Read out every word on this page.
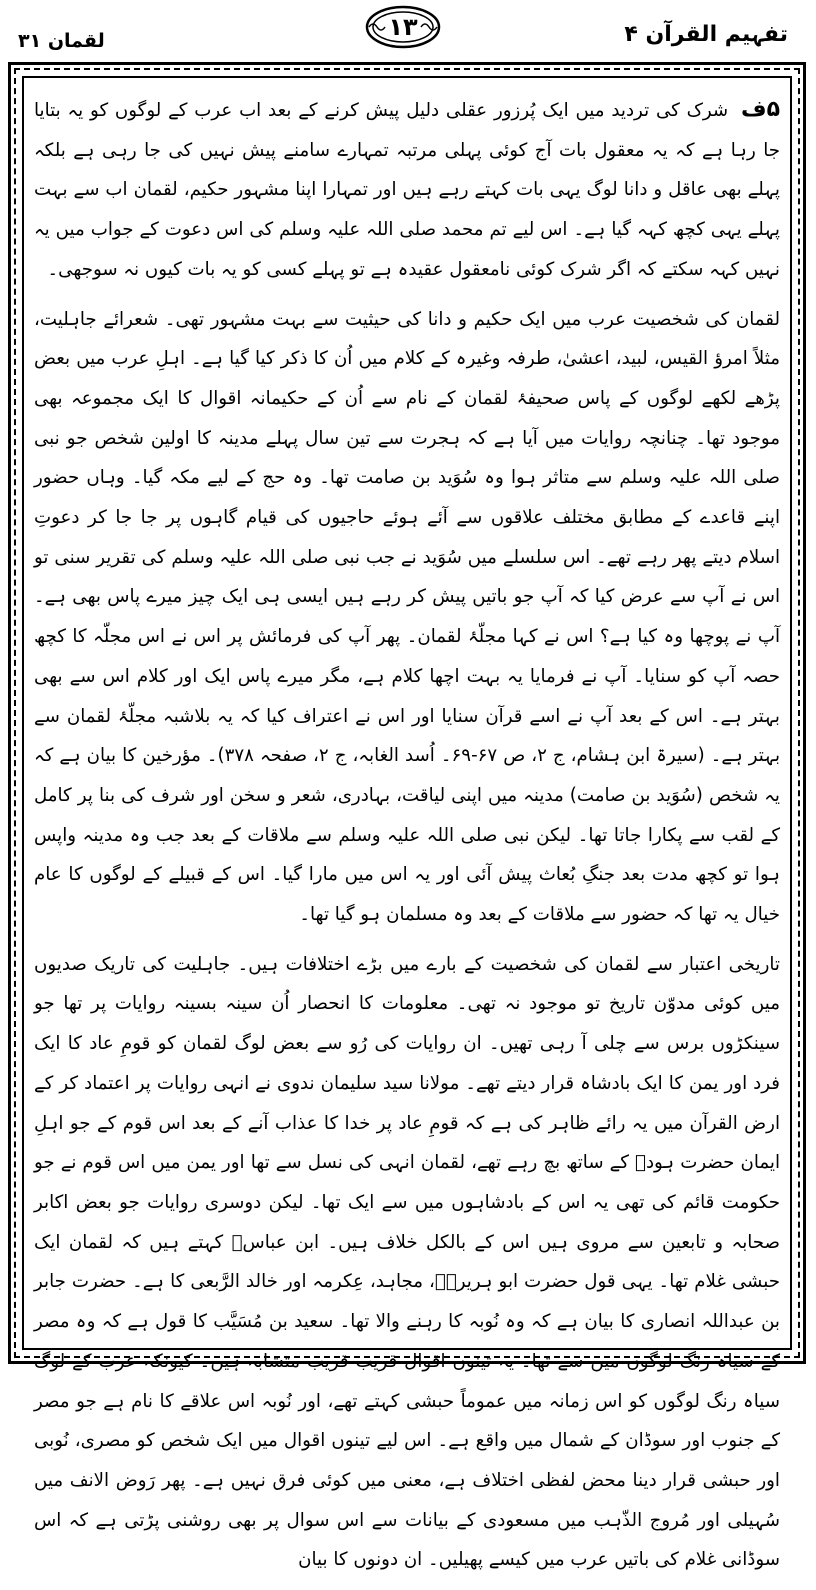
لقمان ۳۱	۱۳	تفہیم القرآن ۴

۵ف شرک کی تردید میں ایک پُرزور عقلی دلیل پیش کرنے کے بعد اب عرب کے لوگوں کو یہ بتایا جا رہا ہے کہ یہ معقول بات آج کوئی پہلی مرتبہ تمہارے سامنے پیش نہیں کی جا رہی ہے بلکہ پہلے بھی عاقل و دانا لوگ یہی بات کہتے رہے ہیں اور تمہارا اپنا مشہور حکیم، لقمان اب سے بہت پہلے یہی کچھ کہہ گیا ہے۔ اس لیے تم محمد صلی اللہ علیہ وسلم کی اس دعوت کے جواب میں یہ نہیں کہہ سکتے کہ اگر شرک کوئی نامعقول عقیدہ ہے تو پہلے کسی کو یہ بات کیوں نہ سوجھی۔

لقمان کی شخصیت عرب میں ایک حکیم و دانا کی حیثیت سے بہت مشہور تھی۔ شعرائے جاہلیت، مثلاً امرؤ القیس، لبید، اعشیٰ، طرفہ وغیرہ کے کلام میں اُن کا ذکر کیا گیا ہے۔ اہلِ عرب میں بعض پڑھے لکھے لوگوں کے پاس صحیفۂ لقمان کے نام سے اُن کے حکیمانہ اقوال کا ایک مجموعہ بھی موجود تھا۔ چنانچہ روایات میں آیا ہے کہ ہجرت سے تین سال پہلے مدینہ کا اولین شخص جو نبی صلی اللہ علیہ وسلم سے متاثر ہوا وہ سُوَید بن صامت تھا۔ وہ حج کے لیے مکہ گیا۔ وہاں حضور اپنے قاعدے کے مطابق مختلف علاقوں سے آئے ہوئے حاجیوں کی قیام گاہوں پر جا جا کر دعوتِ اسلام دیتے پھر رہے تھے۔ اس سلسلے میں سُوَید نے جب نبی صلی اللہ علیہ وسلم کی تقریر سنی تو اس نے آپ سے عرض کیا کہ آپ جو باتیں پیش کر رہے ہیں ایسی ہی ایک چیز میرے پاس بھی ہے۔ آپ نے پوچھا وہ کیا ہے؟ اس نے کہا مجلّۂ لقمان۔ پھر آپ کی فرمائش پر اس نے اس مجلّہ کا کچھ حصہ آپ کو سنایا۔ آپ نے فرمایا یہ بہت اچھا کلام ہے، مگر میرے پاس ایک اور کلام اس سے بھی بہتر ہے۔ اس کے بعد آپ نے اسے قرآن سنایا اور اس نے اعتراف کیا کہ یہ بلاشبہ مجلّۂ لقمان سے بہتر ہے۔ (سیرۃ ابن ہشام، ج ۲، ص ۶۷-۶۹۔ اُسد الغابہ، ج ۲، صفحہ ۳۷۸)۔ مؤرخین کا بیان ہے کہ یہ شخص (سُوَید بن صامت) مدینہ میں اپنی لیاقت، بہادری، شعر و سخن اور شرف کی بنا پر کامل کے لقب سے پکارا جاتا تھا۔ لیکن نبی صلی اللہ علیہ وسلم سے ملاقات کے بعد جب وہ مدینہ واپس ہوا تو کچھ مدت بعد جنگِ بُعاث پیش آئی اور یہ اس میں مارا گیا۔ اس کے قبیلے کے لوگوں کا عام خیال یہ تھا کہ حضور سے ملاقات کے بعد وہ مسلمان ہو گیا تھا۔

تاریخی اعتبار سے لقمان کی شخصیت کے بارے میں بڑے اختلافات ہیں۔ جاہلیت کی تاریک صدیوں میں کوئی مدوّن تاریخ تو موجود نہ تھی۔ معلومات کا انحصار اُن سینہ بسینہ روایات پر تھا جو سینکڑوں برس سے چلی آ رہی تھیں۔ ان روایات کی رُو سے بعض لوگ لقمان کو قومِ عاد کا ایک فرد اور یمن کا ایک بادشاہ قرار دیتے تھے۔ مولانا سید سلیمان ندوی نے انہی روایات پر اعتماد کر کے ارض القرآن میں یہ رائے ظاہر کی ہے کہ قومِ عاد پر خدا کا عذاب آنے کے بعد اس قوم کے جو اہلِ ایمان حضرت ہودؑ کے ساتھ بچ رہے تھے، لقمان انہی کی نسل سے تھا اور یمن میں اس قوم نے جو حکومت قائم کی تھی یہ اس کے بادشاہوں میں سے ایک تھا۔ لیکن دوسری روایات جو بعض اکابر صحابہ و تابعین سے مروی ہیں اس کے بالکل خلاف ہیں۔ ابن عباسؓ کہتے ہیں کہ لقمان ایک حبشی غلام تھا۔ یہی قول حضرت ابو ہریرہؓ، مجاہد، عِکرمہ اور خالد الرَّبعی کا ہے۔ حضرت جابر بن عبداللہ انصاری کا بیان ہے کہ وہ نُوبہ کا رہنے والا تھا۔ سعید بن مُسَیَّب کا قول ہے کہ وہ مصر کے سیاہ رنگ لوگوں میں سے تھا۔ یہ تینوں اقوال قریب قریب متشابہ ہیں۔ کیونکہ عرب کے لوگ سیاہ رنگ لوگوں کو اس زمانہ میں عموماً حبشی کہتے تھے، اور نُوبہ اس علاقے کا نام ہے جو مصر کے جنوب اور سوڈان کے شمال میں واقع ہے۔ اس لیے تینوں اقوال میں ایک شخص کو مصری، نُوبی اور حبشی قرار دینا محض لفظی اختلاف ہے، معنی میں کوئی فرق نہیں ہے۔ پھر رَوض الانف میں سُہیلی اور مُروج الذّہب میں مسعودی کے بیانات سے اس سوال پر بھی روشنی پڑتی ہے کہ اس سوڈانی غلام کی باتیں عرب میں کیسے پھیلیں۔ ان دونوں کا بیان
